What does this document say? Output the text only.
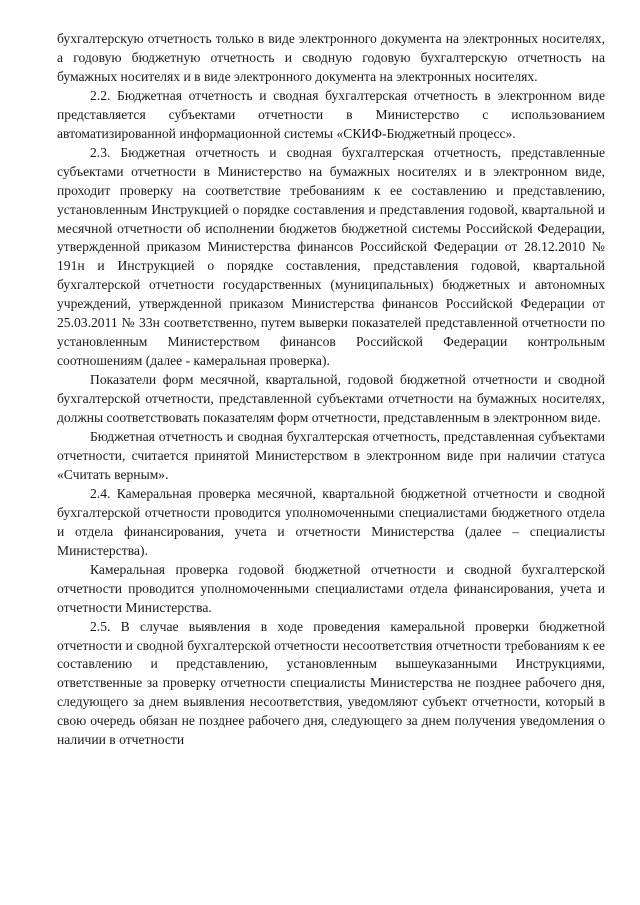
бухгалтерскую отчетность только в виде электронного документа на электронных носителях, а годовую бюджетную отчетность и сводную годовую бухгалтерскую отчетность на бумажных носителях и в виде электронного документа на электронных носителях.

2.2. Бюджетная отчетность и сводная бухгалтерская отчетность в электронном виде представляется субъектами отчетности в Министерство с использованием автоматизированной информационной системы «СКИФ-Бюджетный процесс».

2.3. Бюджетная отчетность и сводная бухгалтерская отчетность, представленные субъектами отчетности в Министерство на бумажных носителях и в электронном виде, проходит проверку на соответствие требованиям к ее составлению и представлению, установленным Инструкцией о порядке составления и представления годовой, квартальной и месячной отчетности об исполнении бюджетов бюджетной системы Российской Федерации, утвержденной приказом Министерства финансов Российской Федерации от 28.12.2010 № 191н и Инструкцией о порядке составления, представления годовой, квартальной бухгалтерской отчетности государственных (муниципальных) бюджетных и автономных учреждений, утвержденной приказом Министерства финансов Российской Федерации от 25.03.2011 № 33н соответственно, путем выверки показателей представленной отчетности по установленным Министерством финансов Российской Федерации контрольным соотношениям (далее - камеральная проверка).

Показатели форм месячной, квартальной, годовой бюджетной отчетности и сводной бухгалтерской отчетности, представленной субъектами отчетности на бумажных носителях, должны соответствовать показателям форм отчетности, представленным в электронном виде.

Бюджетная отчетность и сводная бухгалтерская отчетность, представленная субъектами отчетности, считается принятой Министерством в электронном виде при наличии статуса «Считать верным».

2.4. Камеральная проверка месячной, квартальной бюджетной отчетности и сводной бухгалтерской отчетности проводится уполномоченными специалистами бюджетного отдела и отдела финансирования, учета и отчетности Министерства (далее – специалисты Министерства).

Камеральная проверка годовой бюджетной отчетности и сводной бухгалтерской отчетности проводится уполномоченными специалистами отдела финансирования, учета и отчетности Министерства.

2.5. В случае выявления в ходе проведения камеральной проверки бюджетной отчетности и сводной бухгалтерской отчетности несоответствия отчетности требованиям к ее составлению и представлению, установленным вышеуказанными Инструкциями, ответственные за проверку отчетности специалисты Министерства не позднее рабочего дня, следующего за днем выявления несоответствия, уведомляют субъект отчетности, который в свою очередь обязан не позднее рабочего дня, следующего за днем получения уведомления о наличии в отчетности
